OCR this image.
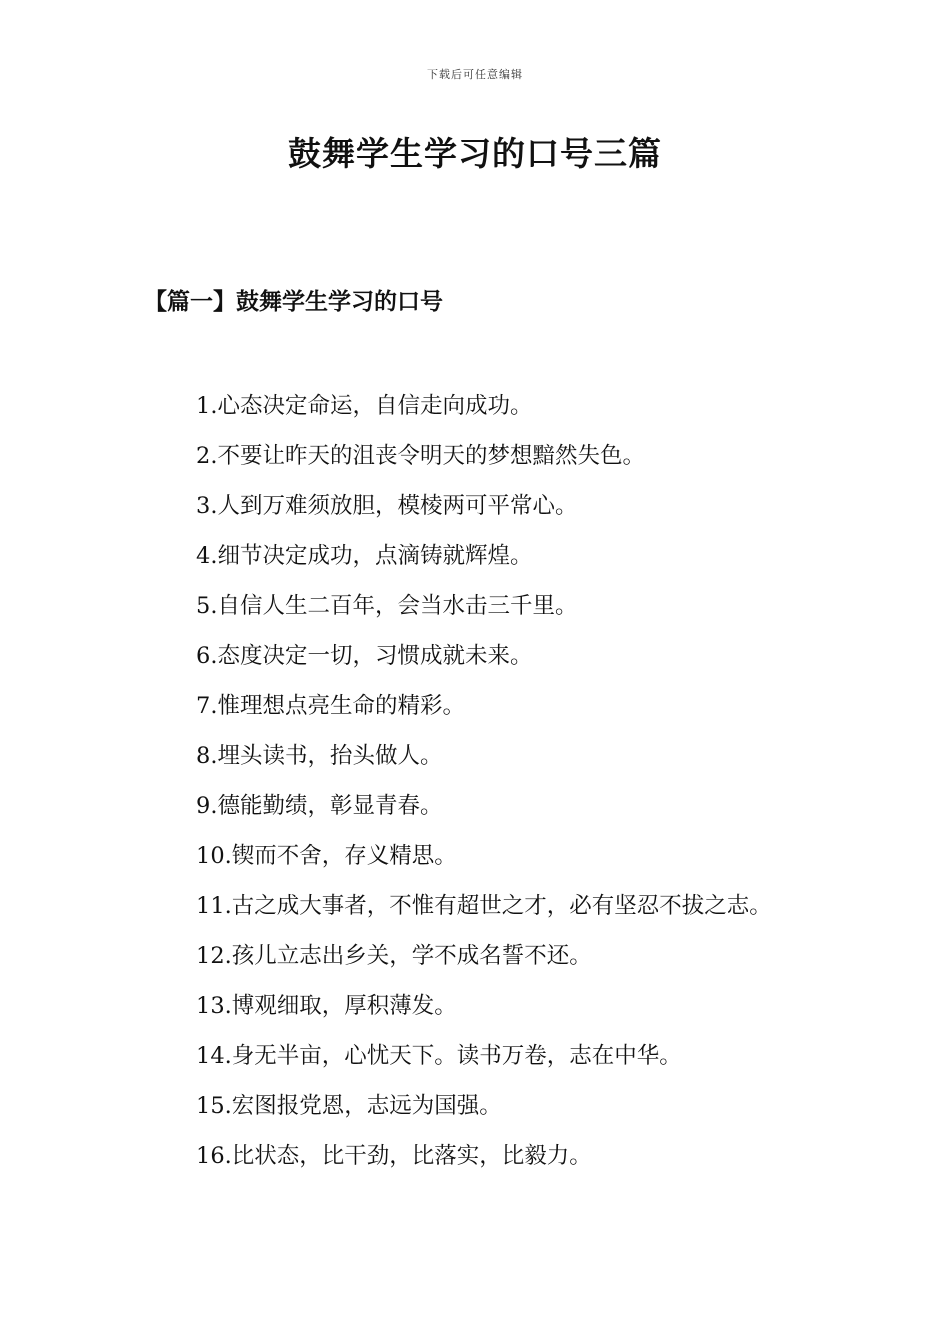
下载后可任意编辑
鼓舞学生学习的口号三篇
【篇一】鼓舞学生学习的口号
1.心态决定命运，自信走向成功。
2.不要让昨天的沮丧令明天的梦想黯然失色。
3.人到万难须放胆，模棱两可平常心。
4.细节决定成功，点滴铸就辉煌。
5.自信人生二百年，会当水击三千里。
6.态度决定一切，习惯成就未来。
7.惟理想点亮生命的精彩。
8.埋头读书，抬头做人。
9.德能勤绩，彰显青春。
10.锲而不舍，存义精思。
11.古之成大事者，不惟有超世之才，必有坚忍不拔之志。
12.孩儿立志出乡关，学不成名誓不还。
13.博观细取，厚积薄发。
14.身无半亩，心忧天下。读书万卷，志在中华。
15.宏图报党恩，志远为国强。
16.比状态，比干劲，比落实，比毅力。
